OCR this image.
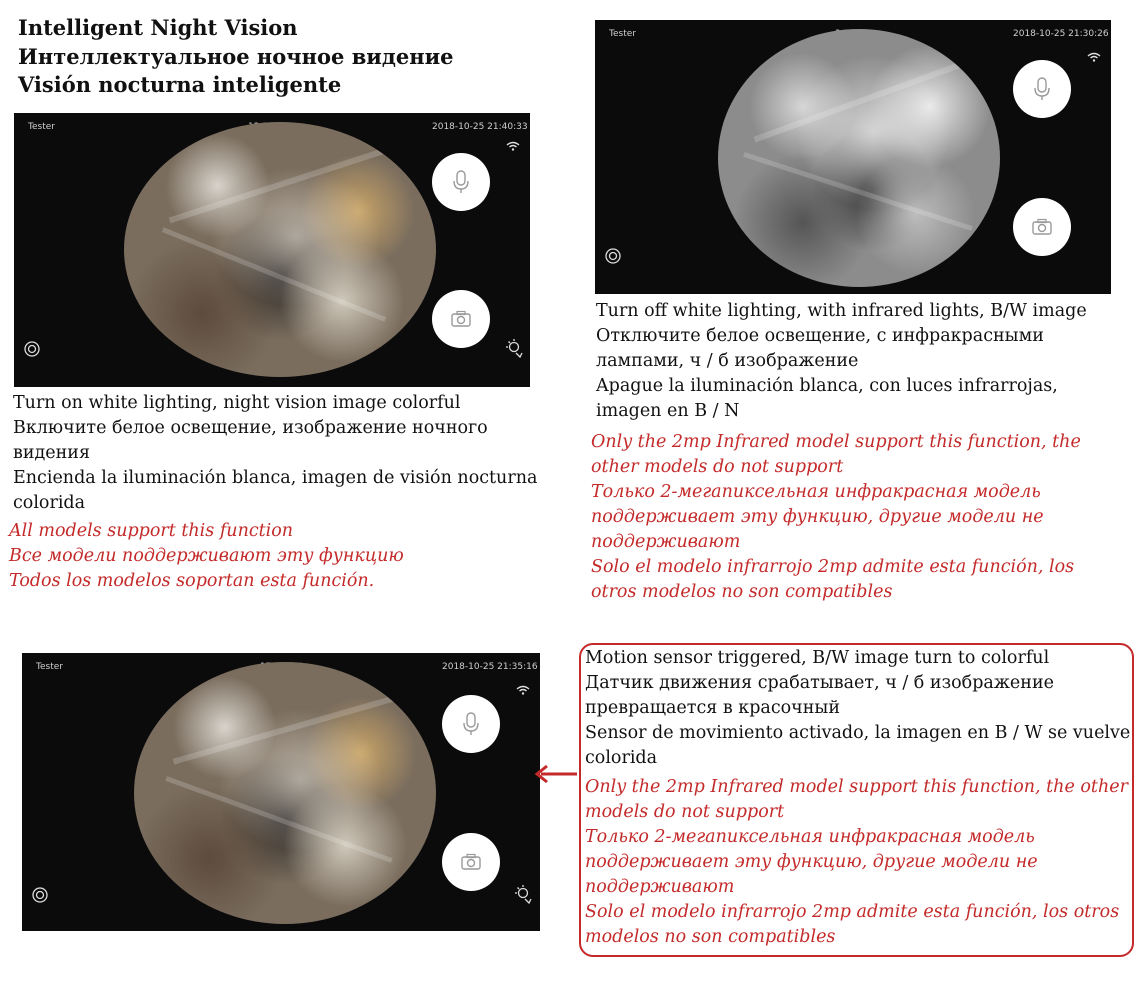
Intelligent Night Vision
Интеллектуальное ночное видение
Visión nocturna inteligente
Tester	2018-10-25 21:40:33
Tester	2018-10-25 21:30:26
Tester	2018-10-25 21:35:16
Turn on white lighting, night vision image colorful
Включите белое освещение, изображение ночного видения
Encienda la iluminación blanca, imagen de visión nocturna colorida
All models support this function
Все модели поддерживают эту функцию
Todos los modelos soportan esta función.
Turn off white lighting, with infrared lights, B/W image
Отключите белое освещение, с инфракрасными лампами, ч / б изображение
Apague la iluminación blanca, con luces infrarrojas, imagen en B / N
Only the 2mp Infrared model support this function, the other models do not support
Только 2-мегапиксельная инфракрасная модель поддерживает эту функцию, другие модели не поддерживают
Solo el modelo infrarrojo 2mp admite esta función, los otros modelos no son compatibles
Motion sensor triggered, B/W image turn to colorful
Датчик движения срабатывает, ч / б изображение превращается в красочный
Sensor de movimiento activado, la imagen en B / W se vuelve colorida
Only the 2mp Infrared model support this function, the other models do not support
Только 2-мегапиксельная инфракрасная модель поддерживает эту функцию, другие модели не поддерживают
Solo el modelo infrarrojo 2mp admite esta función, los otros modelos no son compatibles
